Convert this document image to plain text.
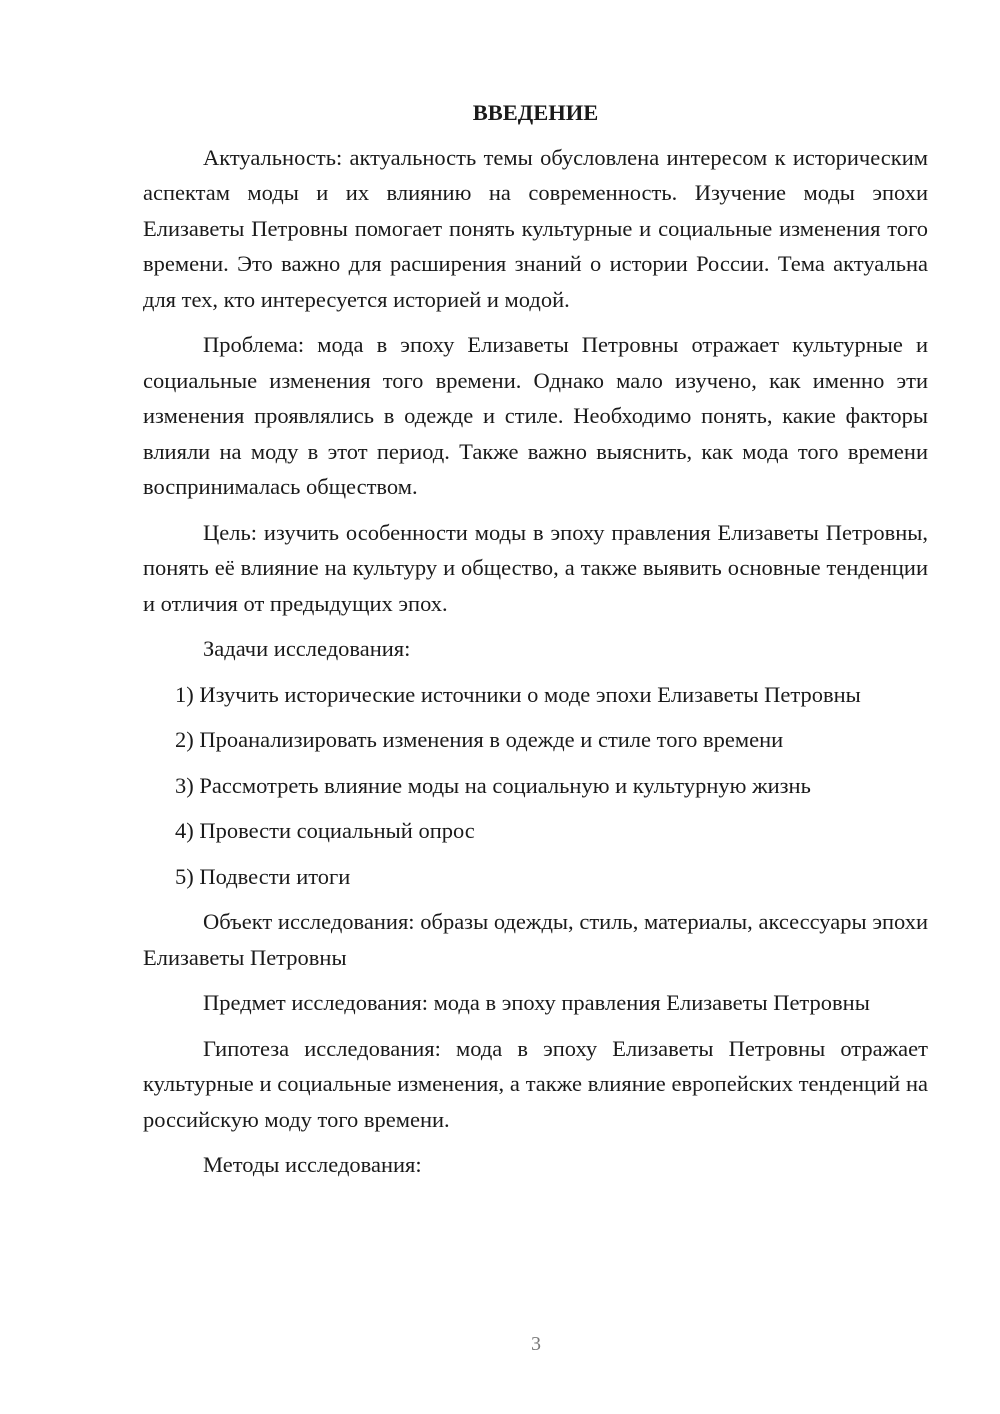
ВВЕДЕНИЕ

Актуальность: актуальность темы обусловлена интересом к историческим аспектам моды и их влиянию на современность. Изучение моды эпохи Елизаветы Петровны помогает понять культурные и социальные изменения того времени. Это важно для расширения знаний о истории России. Тема актуальна для тех, кто интересуется историей и модой.

Проблема: мода в эпоху Елизаветы Петровны отражает культурные и социальные изменения того времени. Однако мало изучено, как именно эти изменения проявлялись в одежде и стиле. Необходимо понять, какие факторы влияли на моду в этот период. Также важно выяснить, как мода того времени воспринималась обществом.

Цель: изучить особенности моды в эпоху правления Елизаветы Петровны, понять её влияние на культуру и общество, а также выявить основные тенденции и отличия от предыдущих эпох.

Задачи исследования:

1) Изучить исторические источники о моде эпохи Елизаветы Петровны

2) Проанализировать изменения в одежде и стиле того времени

3) Рассмотреть влияние моды на социальную и культурную жизнь

4) Провести социальный опрос

5) Подвести итоги

Объект исследования: образы одежды, стиль, материалы, аксессуары эпохи Елизаветы Петровны

Предмет исследования: мода в эпоху правления Елизаветы Петровны

Гипотеза исследования: мода в эпоху Елизаветы Петровны отражает культурные и социальные изменения, а также влияние европейских тенденций на российскую моду того времени.

Методы исследования:

3
